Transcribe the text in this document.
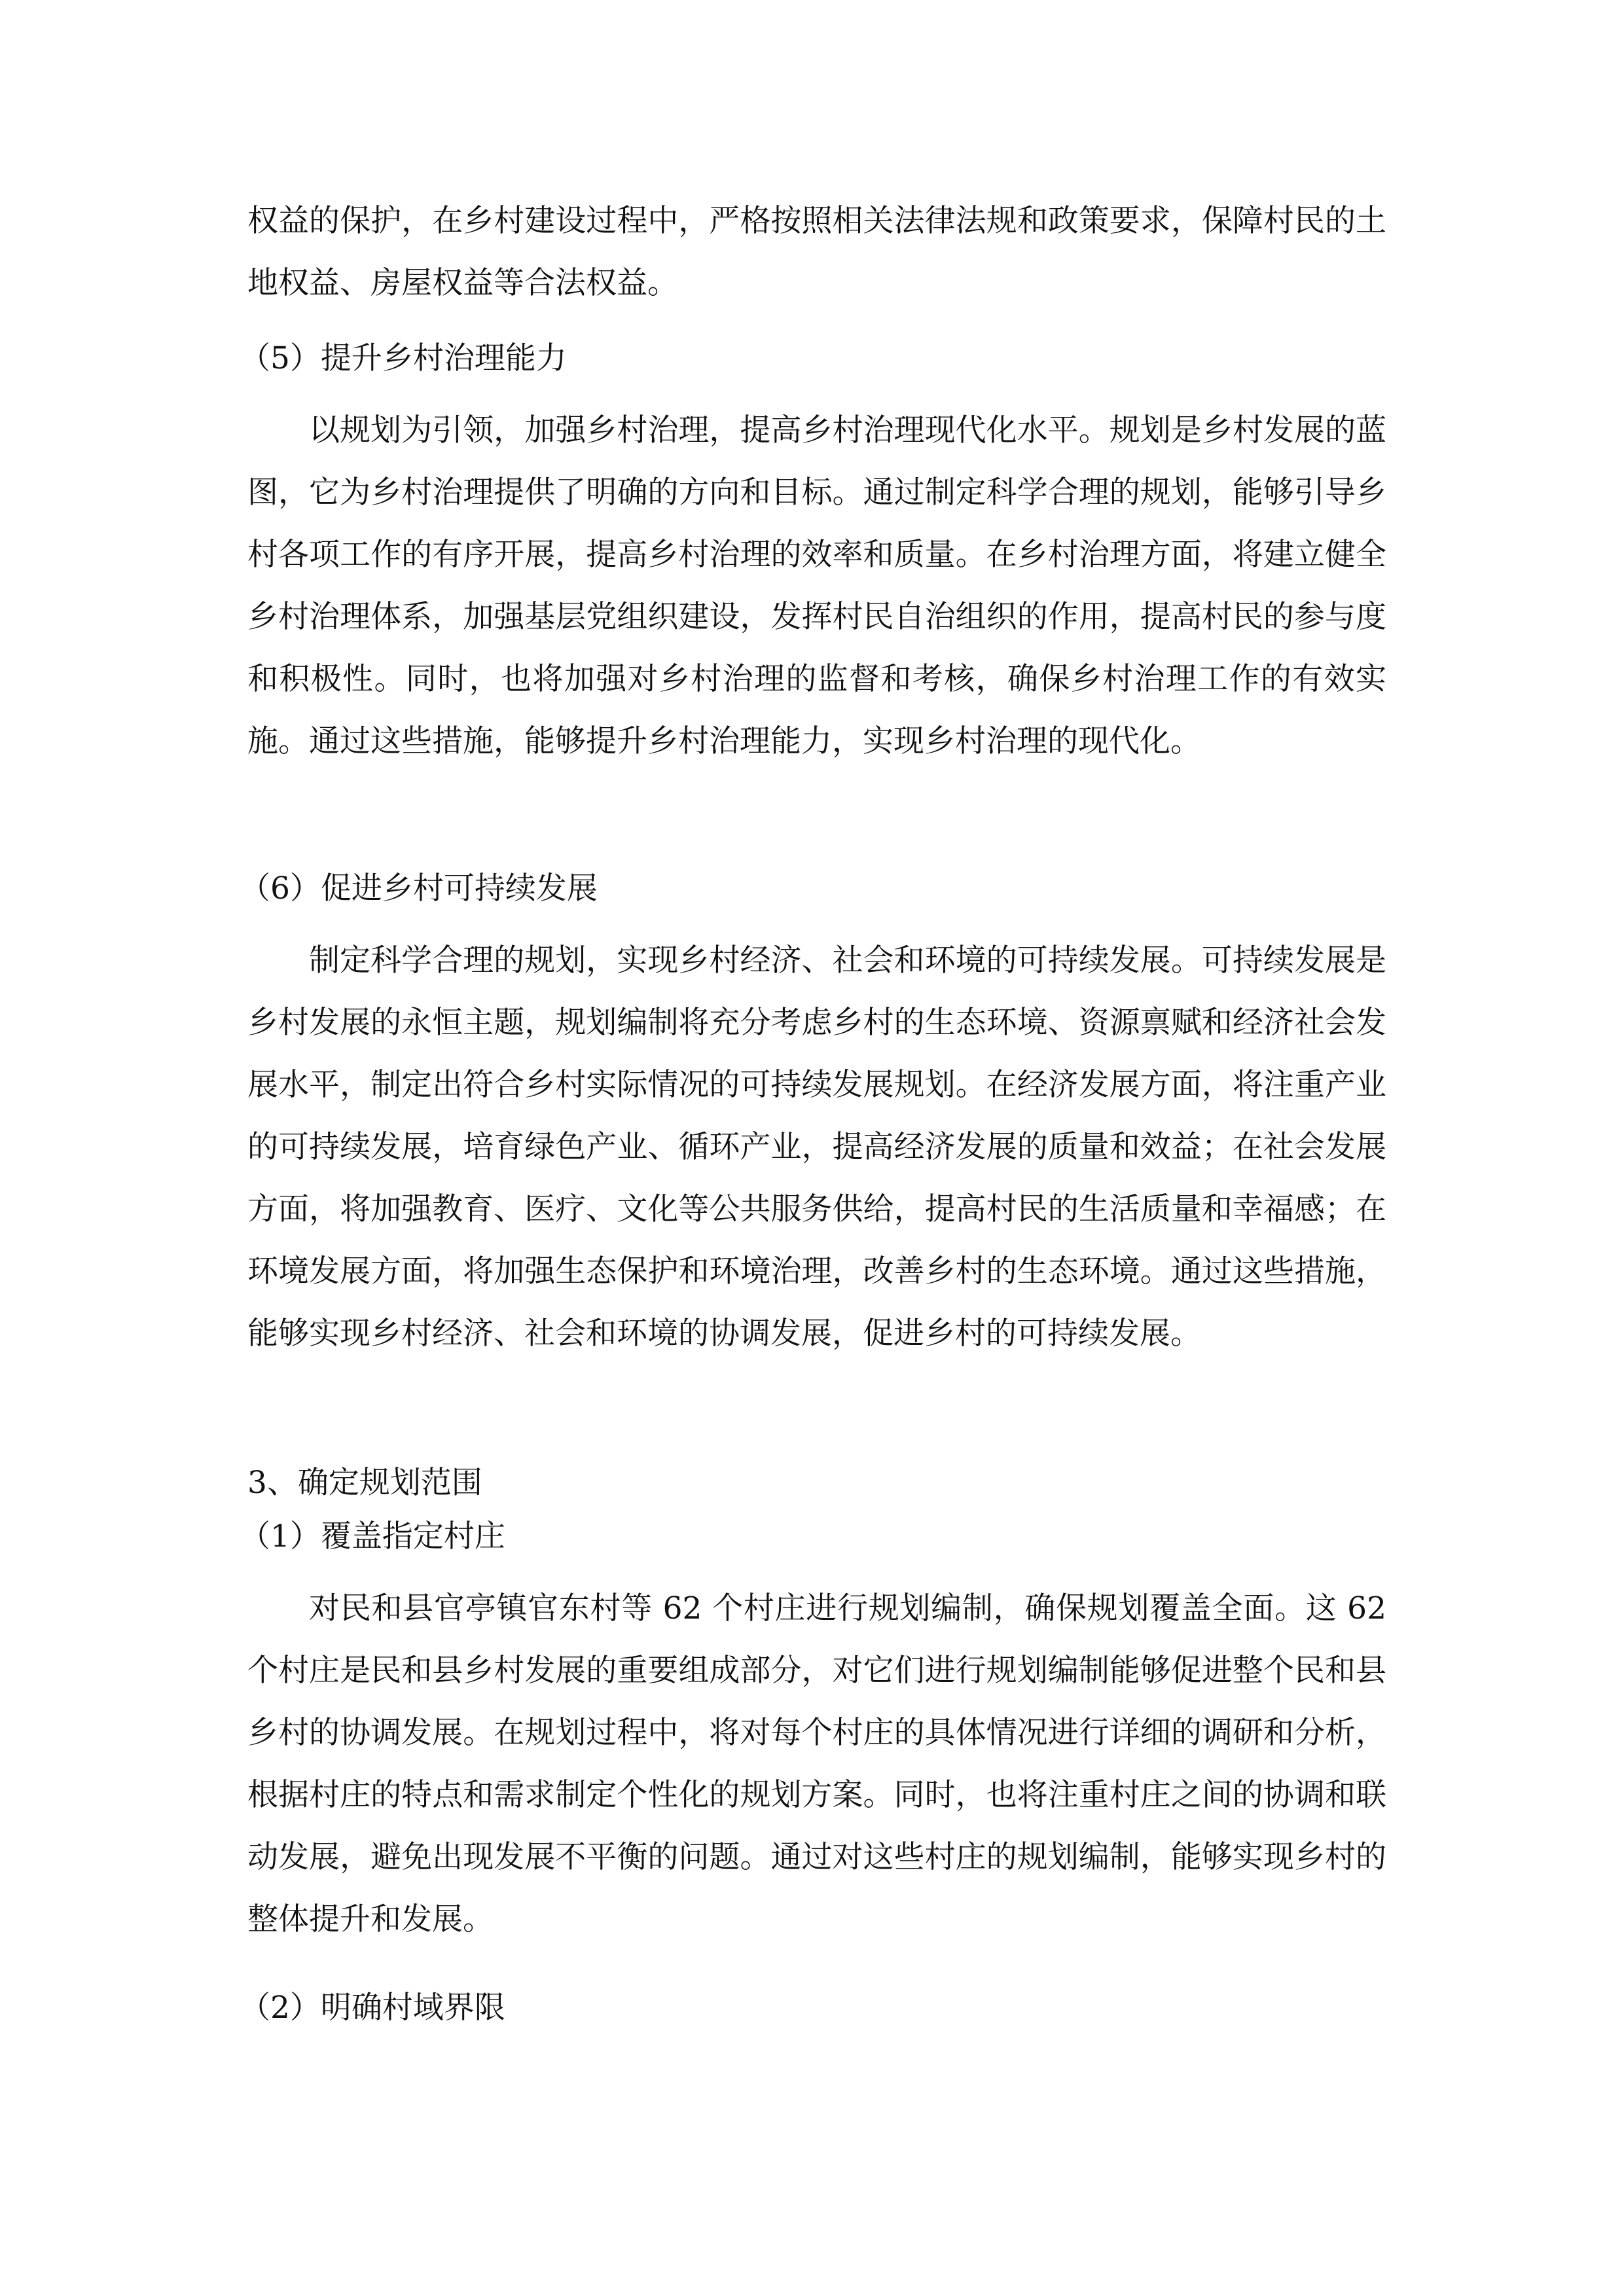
权益的保护，在乡村建设过程中，严格按照相关法律法规和政策要求，保障村民的土地权益、房屋权益等合法权益。
（5）提升乡村治理能力
以规划为引领，加强乡村治理，提高乡村治理现代化水平。规划是乡村发展的蓝图，它为乡村治理提供了明确的方向和目标。通过制定科学合理的规划，能够引导乡村各项工作的有序开展，提高乡村治理的效率和质量。在乡村治理方面，将建立健全乡村治理体系，加强基层党组织建设，发挥村民自治组织的作用，提高村民的参与度和积极性。同时，也将加强对乡村治理的监督和考核，确保乡村治理工作的有效实施。通过这些措施，能够提升乡村治理能力，实现乡村治理的现代化。
（6）促进乡村可持续发展
制定科学合理的规划，实现乡村经济、社会和环境的可持续发展。可持续发展是乡村发展的永恒主题，规划编制将充分考虑乡村的生态环境、资源禀赋和经济社会发展水平，制定出符合乡村实际情况的可持续发展规划。在经济发展方面，将注重产业的可持续发展，培育绿色产业、循环产业，提高经济发展的质量和效益；在社会发展方面，将加强教育、医疗、文化等公共服务供给，提高村民的生活质量和幸福感；在环境发展方面，将加强生态保护和环境治理，改善乡村的生态环境。通过这些措施，能够实现乡村经济、社会和环境的协调发展，促进乡村的可持续发展。
3、确定规划范围
（1）覆盖指定村庄
对民和县官亭镇官东村等 62 个村庄进行规划编制，确保规划覆盖全面。这 62 个村庄是民和县乡村发展的重要组成部分，对它们进行规划编制能够促进整个民和县乡村的协调发展。在规划过程中，将对每个村庄的具体情况进行详细的调研和分析，根据村庄的特点和需求制定个性化的规划方案。同时，也将注重村庄之间的协调和联动发展，避免出现发展不平衡的问题。通过对这些村庄的规划编制，能够实现乡村的整体提升和发展。
（2）明确村域界限
